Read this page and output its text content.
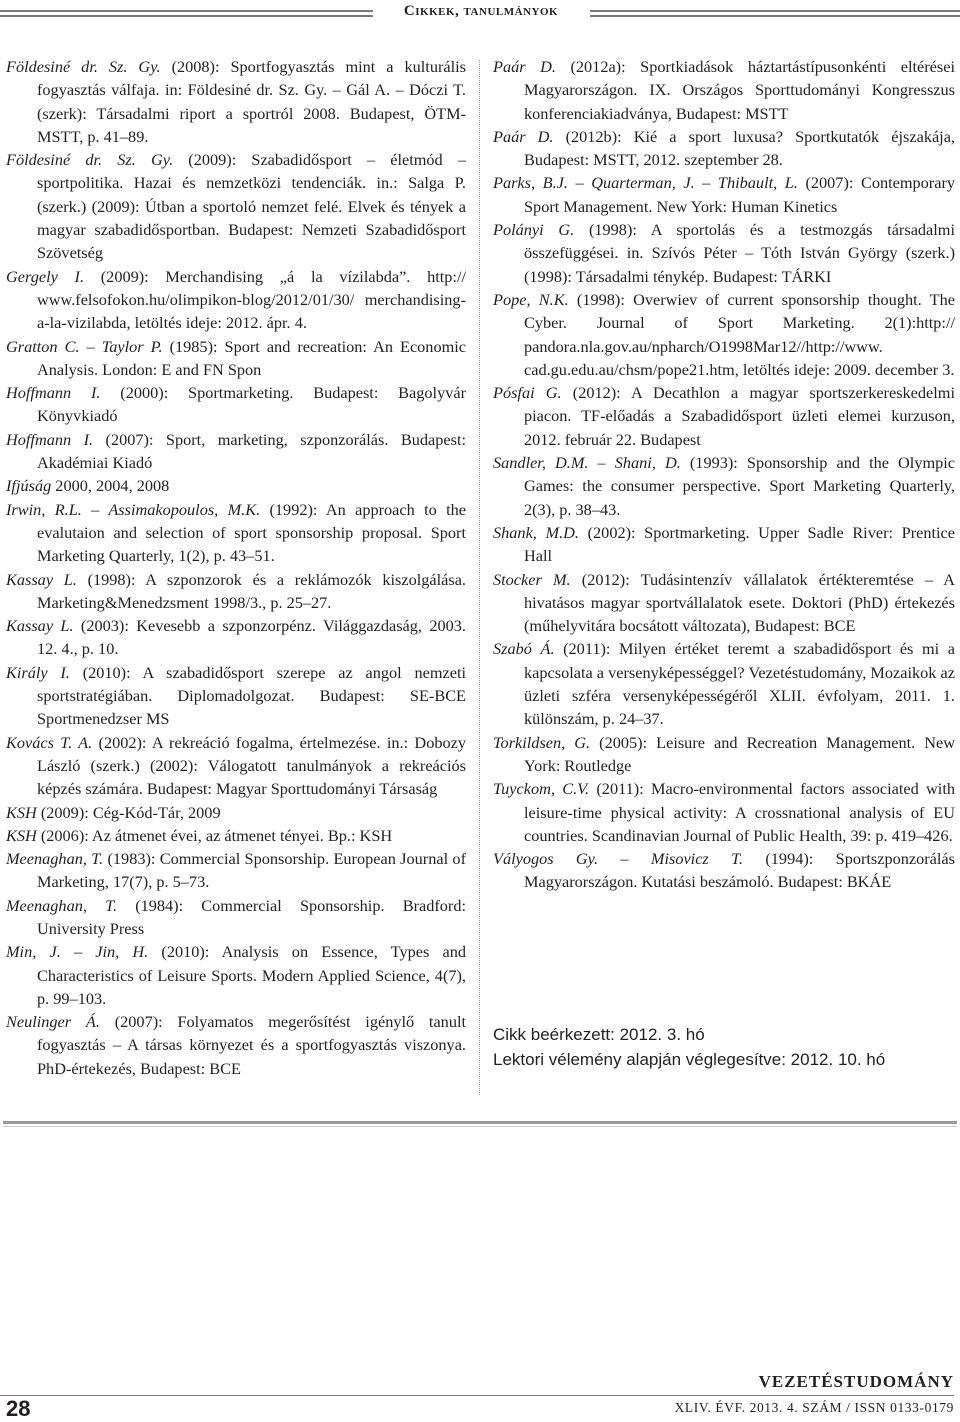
Cikkek, tanulmányok

Földesiné dr. Sz. Gy. (2008): Sportfogyasztás mint a kulturális fogyasztás válfaja. in: Földesiné dr. Sz. Gy. – Gál A. – Dóczi T. (szerk): Társadalmi riport a sportról 2008. Budapest, ÖTM-MSTT, p. 41–89.

Földesiné dr. Sz. Gy. (2009): Szabadidősport – életmód – sportpolitika. Hazai és nemzetközi tendenciák. in.: Salga P. (szerk.) (2009): Útban a sportoló nemzet felé. Elvek és tények a magyar szabadidősportban. Budapest: Nemzeti Szabadidősport Szövetség

Gergely I. (2009): Merchandising „á la vízilabda”. http:// www.felsofokon.hu/olimpikon-blog/2012/01/30/ merchandising-a-la-vizilabda, letöltés ideje: 2012. ápr. 4.

Gratton C. – Taylor P. (1985): Sport and recreation: An Economic Analysis. London: E and FN Spon

Hoffmann I. (2000): Sportmarketing. Budapest: Bagolyvár Könyvkiadó

Hoffmann I. (2007): Sport, marketing, szponzorálás. Budapest: Akadémiai Kiadó

Ifjúság 2000, 2004, 2008

Irwin, R.L. – Assimakopoulos, M.K. (1992): An approach to the evalutaion and selection of sport sponsorship proposal. Sport Marketing Quarterly, 1(2), p. 43–51.

Kassay L. (1998): A szponzorok és a reklámozók kiszolgálása. Marketing&Menedzsment 1998/3., p. 25–27.

Kassay L. (2003): Kevesebb a szponzorpénz. Világgazdaság, 2003. 12. 4., p. 10.

Király I. (2010): A szabadidősport szerepe az angol nemzeti sportstratégiában. Diplomadolgozat. Budapest: SE-BCE Sportmenedzser MS

Kovács T. A. (2002): A rekreáció fogalma, értelmezése. in.: Dobozy László (szerk.) (2002): Válogatott tanulmányok a rekreációs képzés számára. Budapest: Magyar Sporttudományi Társaság

KSH (2009): Cég-Kód-Tár, 2009

KSH (2006): Az átmenet évei, az átmenet tényei. Bp.: KSH

Meenaghan, T. (1983): Commercial Sponsorship. European Journal of Marketing, 17(7), p. 5–73.

Meenaghan, T. (1984): Commercial Sponsorship. Bradford: University Press

Min, J. – Jin, H. (2010): Analysis on Essence, Types and Characteristics of Leisure Sports. Modern Applied Science, 4(7), p. 99–103.

Neulinger Á. (2007): Folyamatos megerősítést igénylő tanult fogyasztás – A társas környezet és a sportfogyasztás viszonya. PhD-értekezés, Budapest: BCE

Paár D. (2012a): Sportkiadások háztartástípusonkénti eltérései Magyarországon. IX. Országos Sporttudományi Kongresszus konferenciakiadványa, Budapest: MSTT

Paár D. (2012b): Kié a sport luxusa? Sportkutatók éjszakája, Budapest: MSTT, 2012. szeptember 28.

Parks, B.J. – Quarterman, J. – Thibault, L. (2007): Contemporary Sport Management. New York: Human Kinetics

Polányi G. (1998): A sportolás és a testmozgás társadalmi összefüggései. in. Szívós Péter – Tóth István György (szerk.) (1998): Társadalmi ténykép. Budapest: TÁRKI

Pope, N.K. (1998): Overwiev of current sponsorship thought. The Cyber. Journal of Sport Marketing. 2(1):http:// pandora.nla.gov.au/npharch/O1998Mar12//http://www. cad.gu.edu.au/chsm/pope21.htm, letöltés ideje: 2009. december 3.

Pósfai G. (2012): A Decathlon a magyar sportszerkereskedelmi piacon. TF-előadás a Szabadidősport üzleti elemei kurzuson, 2012. február 22. Budapest

Sandler, D.M. – Shani, D. (1993): Sponsorship and the Olympic Games: the consumer perspective. Sport Marketing Quarterly, 2(3), p. 38–43.

Shank, M.D. (2002): Sportmarketing. Upper Sadle River: Prentice Hall

Stocker M. (2012): Tudásintenzív vállalatok értékteremtése – A hivatásos magyar sportvállalatok esete. Doktori (PhD) értekezés (műhelyvitára bocsátott változata), Budapest: BCE

Szabó Á. (2011): Milyen értéket teremt a szabadidősport és mi a kapcsolata a versenyképességgel? Vezetéstudomány, Mozaikok az üzleti szféra versenyképességéről XLII. évfolyam, 2011. 1. különszám, p. 24–37.

Torkildsen, G. (2005): Leisure and Recreation Management. New York: Routledge

Tuyckom, C.V. (2011): Macro-environmental factors associated with leisure-time physical activity: A crossnational analysis of EU countries. Scandinavian Journal of Public Health, 39: p. 419–426.

Vályogos Gy. – Misovicz T. (1994): Sportszponzorálás Magyarországon. Kutatási beszámoló. Budapest: BKÁE

Cikk beérkezett: 2012. 3. hó
Lektori vélemény alapján véglegesítve: 2012. 10. hó
VEZETÉSTUDOMÁNY
28	XLIV. ÉVF. 2013. 4. SZÁM / ISSN 0133-0179
